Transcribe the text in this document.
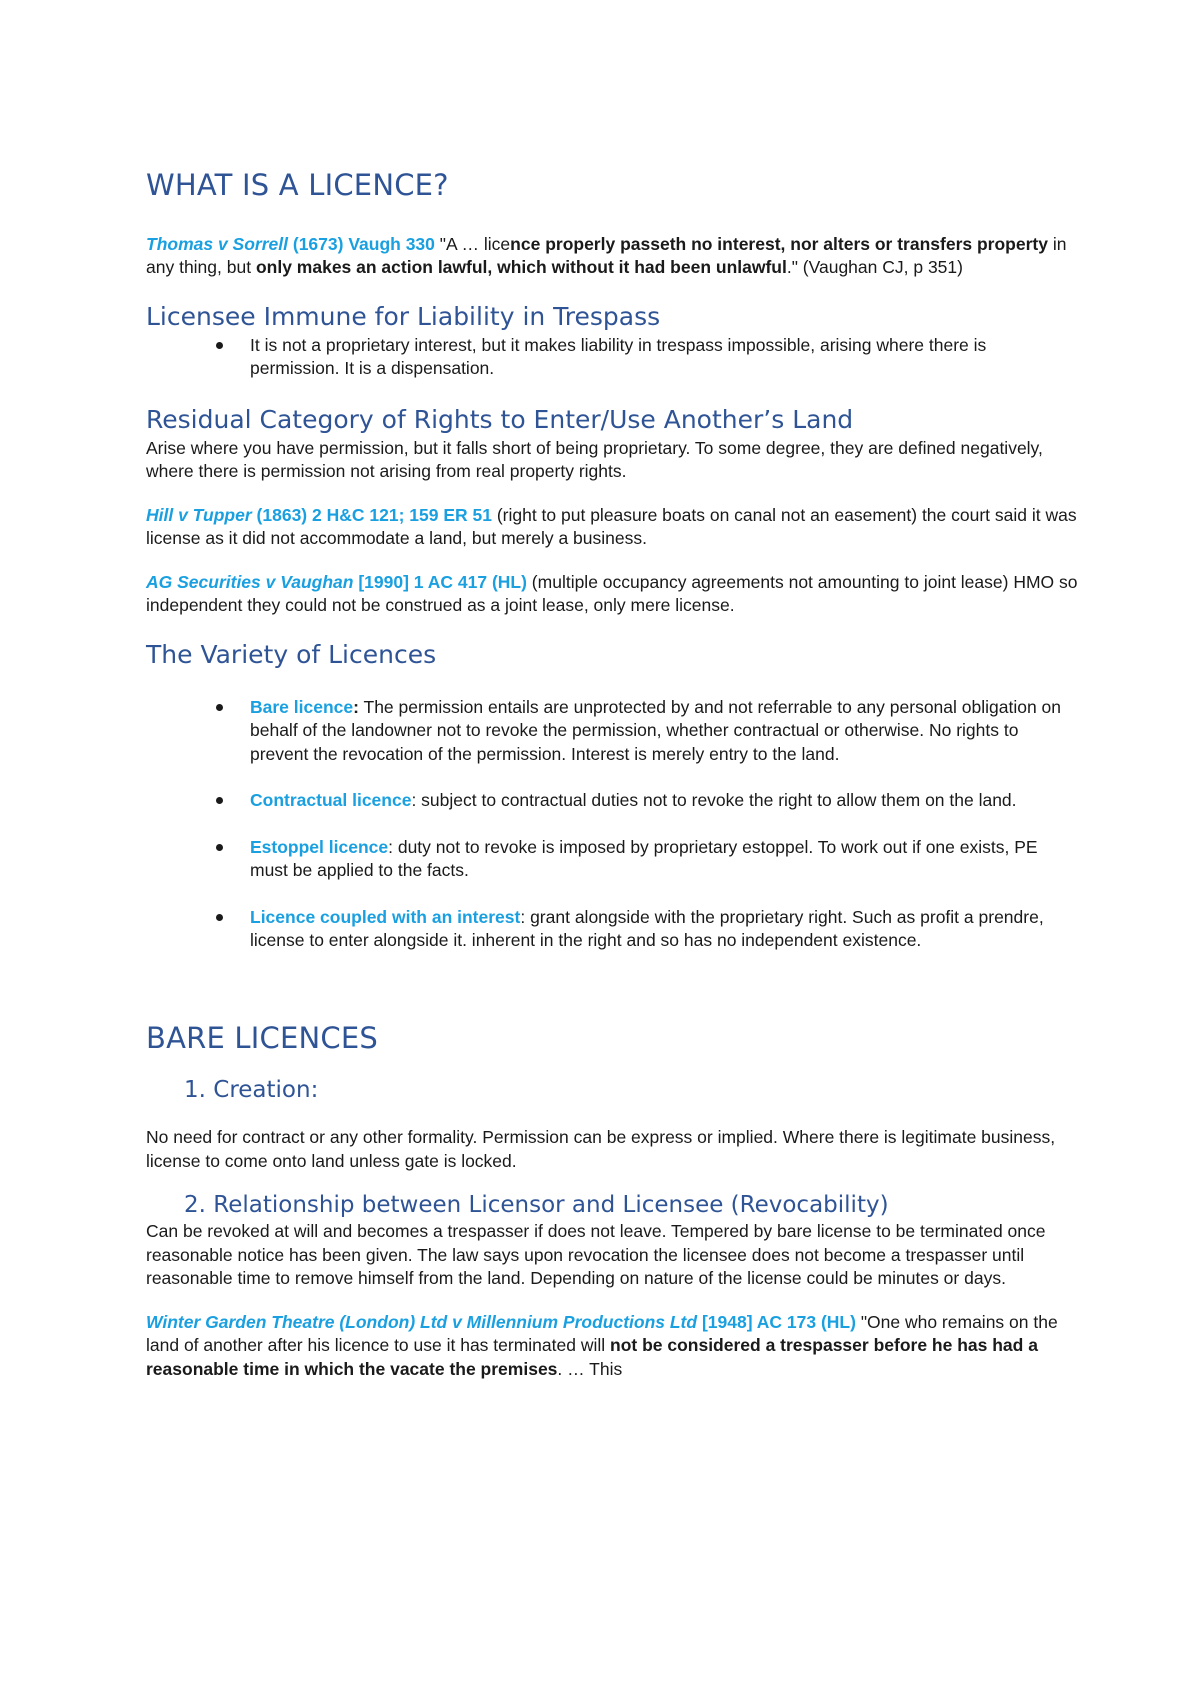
WHAT IS A LICENCE?

Thomas v Sorrell (1673) Vaugh 330 "A … licence properly passeth no interest, nor alters or transfers property in any thing, but only makes an action lawful, which without it had been unlawful." (Vaughan CJ, p 351)

Licensee Immune for Liability in Trespass
It is not a proprietary interest, but it makes liability in trespass impossible, arising where there is permission. It is a dispensation.
Residual Category of Rights to Enter/Use Another’s Land

Arise where you have permission, but it falls short of being proprietary. To some degree, they are defined negatively, where there is permission not arising from real property rights.

Hill v Tupper (1863) 2 H&C 121; 159 ER 51 (right to put pleasure boats on canal not an easement) the court said it was license as it did not accommodate a land, but merely a business.

AG Securities v Vaughan [1990] 1 AC 417 (HL) (multiple occupancy agreements not amounting to joint lease) HMO so independent they could not be construed as a joint lease, only mere license.

The Variety of Licences
Bare licence: The permission entails are unprotected by and not referrable to any personal obligation on behalf of the landowner not to revoke the permission, whether contractual or otherwise. No rights to prevent the revocation of the permission. Interest is merely entry to the land.
Contractual licence: subject to contractual duties not to revoke the right to allow them on the land.
Estoppel licence: duty not to revoke is imposed by proprietary estoppel. To work out if one exists, PE must be applied to the facts.
Licence coupled with an interest: grant alongside with the proprietary right. Such as profit a prendre, license to enter alongside it. inherent in the right and so has no independent existence.
BARE LICENCES
1. Creation:

No need for contract or any other formality. Permission can be express or implied. Where there is legitimate business, license to come onto land unless gate is locked.

2. Relationship between Licensor and Licensee (Revocability)

Can be revoked at will and becomes a trespasser if does not leave. Tempered by bare license to be terminated once reasonable notice has been given. The law says upon revocation the licensee does not become a trespasser until reasonable time to remove himself from the land. Depending on nature of the license could be minutes or days.

Winter Garden Theatre (London) Ltd v Millennium Productions Ltd [1948] AC 173 (HL) "One who remains on the land of another after his licence to use it has terminated will not be considered a trespasser before he has had a reasonable time in which the vacate the premises. … This
